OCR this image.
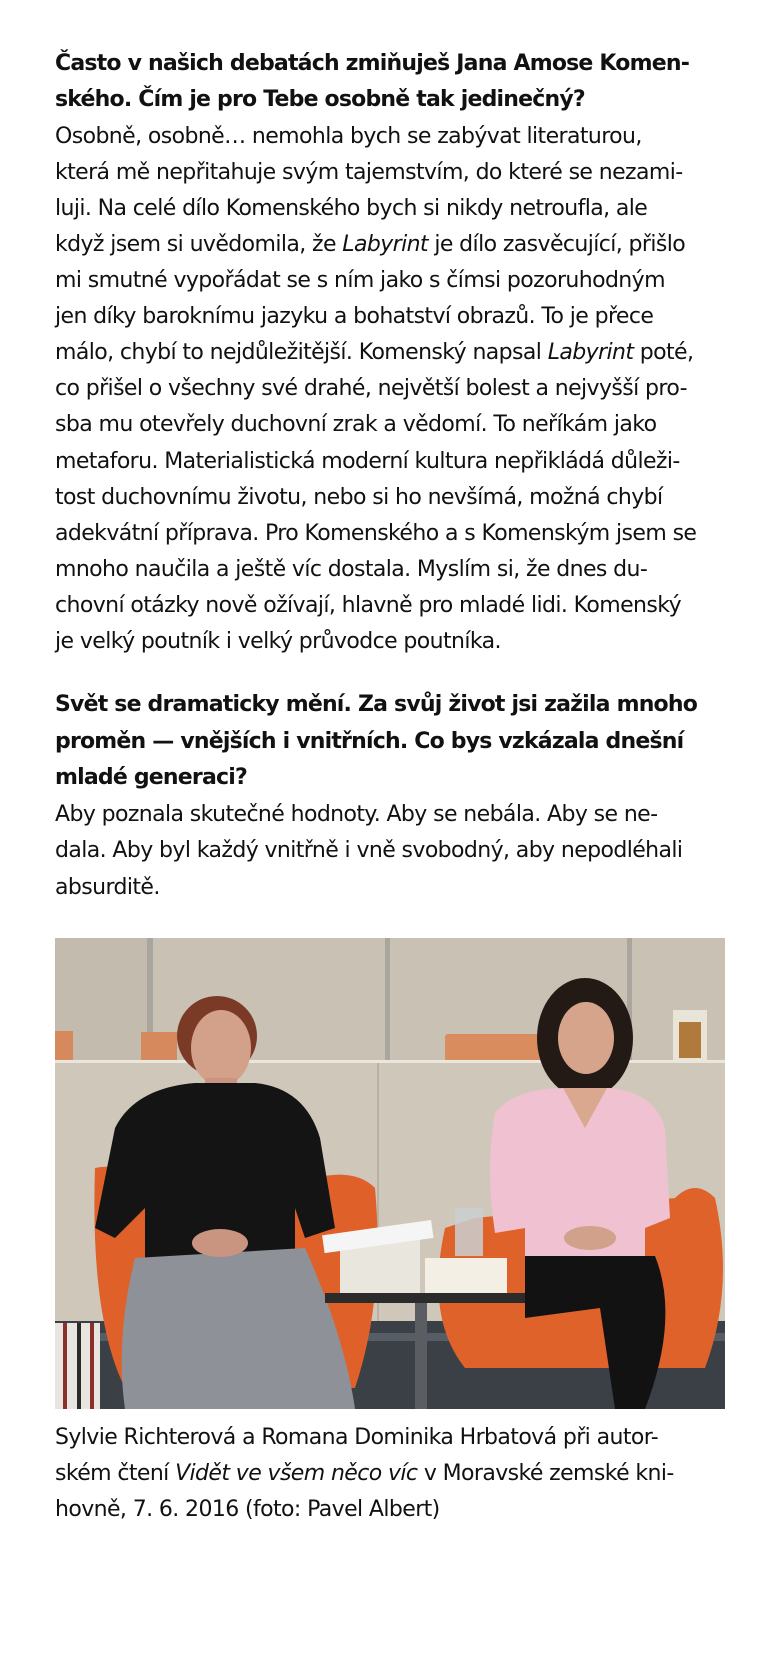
Často v našich debatách zmiňuješ Jana Amose Komen-
ského. Čím je pro Tebe osobně tak jedinečný?
Osobně, osobně… nemohla bych se zabývat literaturou,
která mě nepřitahuje svým tajemstvím, do které se nezami-
luji. Na celé dílo Komenského bych si nikdy netroufla, ale
když jsem si uvědomila, že Labyrint je dílo zasvěcující, přišlo
mi smutné vypořádat se s ním jako s čímsi pozoruhodným
jen díky baroknímu jazyku a bohatství obrazů. To je přece
málo, chybí to nejdůležitější. Komenský napsal Labyrint poté,
co přišel o všechny své drahé, největší bolest a nejvyšší pro-
sba mu otevřely duchovní zrak a vědomí. To neříkám jako
metaforu. Materialistická moderní kultura nepřikládá důleži-
tost duchovnímu životu, nebo si ho nevšímá, možná chybí
adekvátní příprava. Pro Komenského a s Komenským jsem se
mnoho naučila a ještě víc dostala. Myslím si, že dnes du-
chovní otázky nově ožívají, hlavně pro mladé lidi. Komenský
je velký poutník i velký průvodce poutníka.
Svět se dramaticky mění. Za svůj život jsi zažila mnoho
proměn — vnějších i vnitřních. Co bys vzkázala dnešní
mladé generaci?
Aby poznala skutečné hodnoty. Aby se nebála. Aby se ne-
dala. Aby byl každý vnitřně i vně svobodný, aby nepodléhali
absurditě.
Sylvie Richterová a Romana Dominika Hrbatová při autor-
ském čtení Vidět ve všem něco víc v Moravské zemské kni-
hovně, 7. 6. 2016 (foto: Pavel Albert)
